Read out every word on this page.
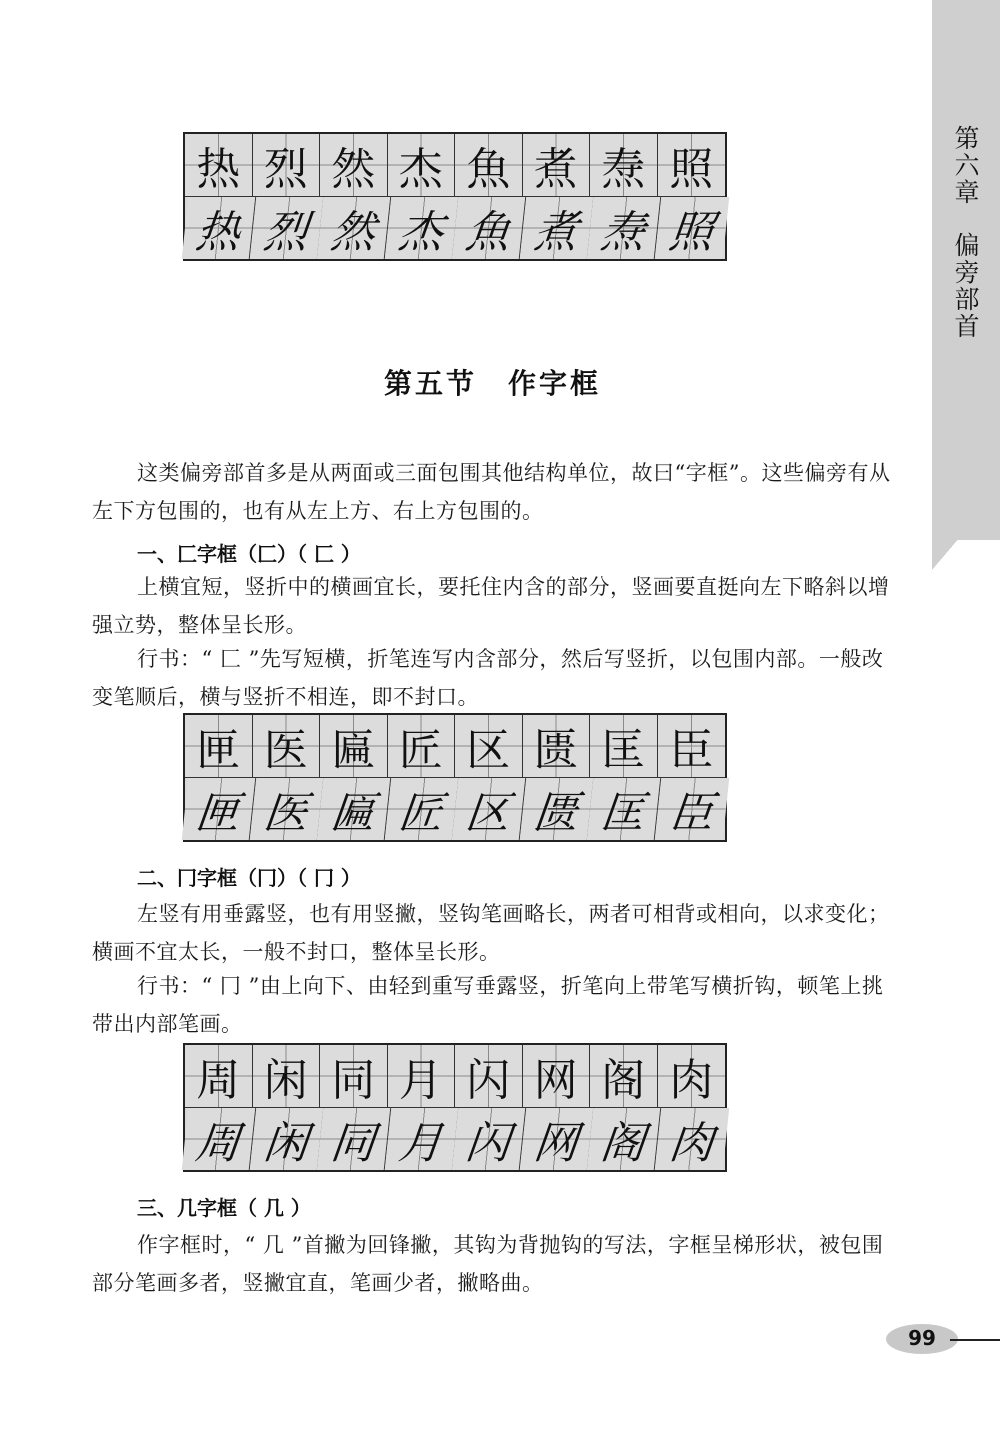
第六章
偏旁部首
热 烈 然 杰 魚 煮 焘 照
热 烈 然 杰 魚 煮 焘 照
第五节　作字框

这类偏旁部首多是从两面或三面包围其他结构单位，故曰“字框”。这些偏旁有从左下方包围的，也有从左上方、右上方包围的。

一、匚字框（匚）（ 匚 ）

上横宜短，竖折中的横画宜长，要托住内含的部分，竖画要直挺向左下略斜以增强立势，整体呈长形。

行书：“ 匚 ”先写短横，折笔连写内含部分，然后写竖折，以包围内部。一般改变笔顺后，横与竖折不相连，即不封口。

匣 医 匾 匠 区 匮 匡 臣
匣 医 匾 匠 区 匮 匡 臣
二、冂字框（冂）（ 冂 ）

左竖有用垂露竖，也有用竖撇，竖钩笔画略长，两者可相背或相向，以求变化；横画不宜太长，一般不封口，整体呈长形。

行书：“ 冂 ”由上向下、由轻到重写垂露竖，折笔向上带笔写横折钩，顿笔上挑带出内部笔画。

周 闲 同 月 闪 网 阁 肉
周 闲 同 月 闪 网 阁 肉
三、几字框（ 几 ）

作字框时，“ 几 ”首撇为回锋撇，其钩为背抛钩的写法，字框呈梯形状，被包围部分笔画多者，竖撇宜直，笔画少者，撇略曲。

99
